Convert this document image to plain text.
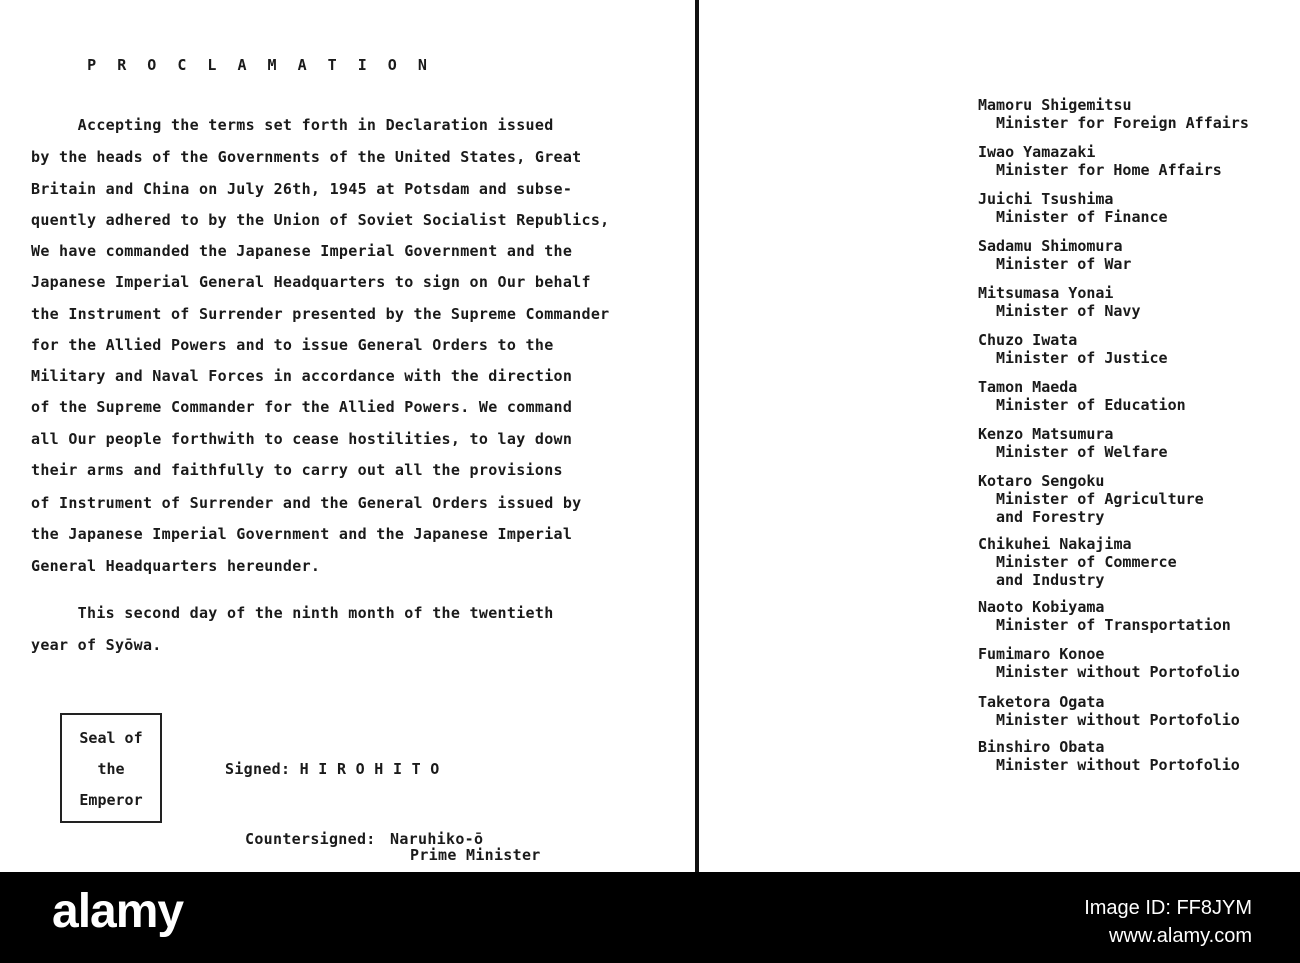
P R O C L A M A T I O N
Accepting the terms set forth in Declaration issued
by the heads of the Governments of the United States, Great
Britain and China on July 26th, 1945 at Potsdam and subse-
quently adhered to by the Union of Soviet Socialist Republics,
We have commanded the Japanese Imperial Government and the
Japanese Imperial General Headquarters to sign on Our behalf
the Instrument of Surrender presented by the Supreme Commander
for the Allied Powers and to issue General Orders to the
Military and Naval Forces in accordance with the direction
of the Supreme Commander for the Allied Powers. We command
all Our people forthwith to cease hostilities, to lay down
their arms and faithfully to carry out all the provisions
of Instrument of Surrender and the General Orders issued by
the Japanese Imperial Government and the Japanese Imperial
General Headquarters hereunder.
This second day of the ninth month of the twentieth
year of Syōwa.
Seal of
the
Emperor
Signed: H I R O H I T O
Countersigned: Naruhiko-ō
Prime Minister
Mamoru Shigemitsu
Minister for Foreign Affairs
Iwao Yamazaki
Minister for Home Affairs
Juichi Tsushima
Minister of Finance
Sadamu Shimomura
Minister of War
Mitsumasa Yonai
Minister of Navy
Chuzo Iwata
Minister of Justice
Tamon Maeda
Minister of Education
Kenzo Matsumura
Minister of Welfare
Kotaro Sengoku
Minister of Agriculture
and Forestry
Chikuhei Nakajima
Minister of Commerce
and Industry
Naoto Kobiyama
Minister of Transportation
Fumimaro Konoe
Minister without Portofolio
Taketora Ogata
Minister without Portofolio
Binshiro Obata
Minister without Portofolio
alamy	Image ID: FF8JYM
www.alamy.com
